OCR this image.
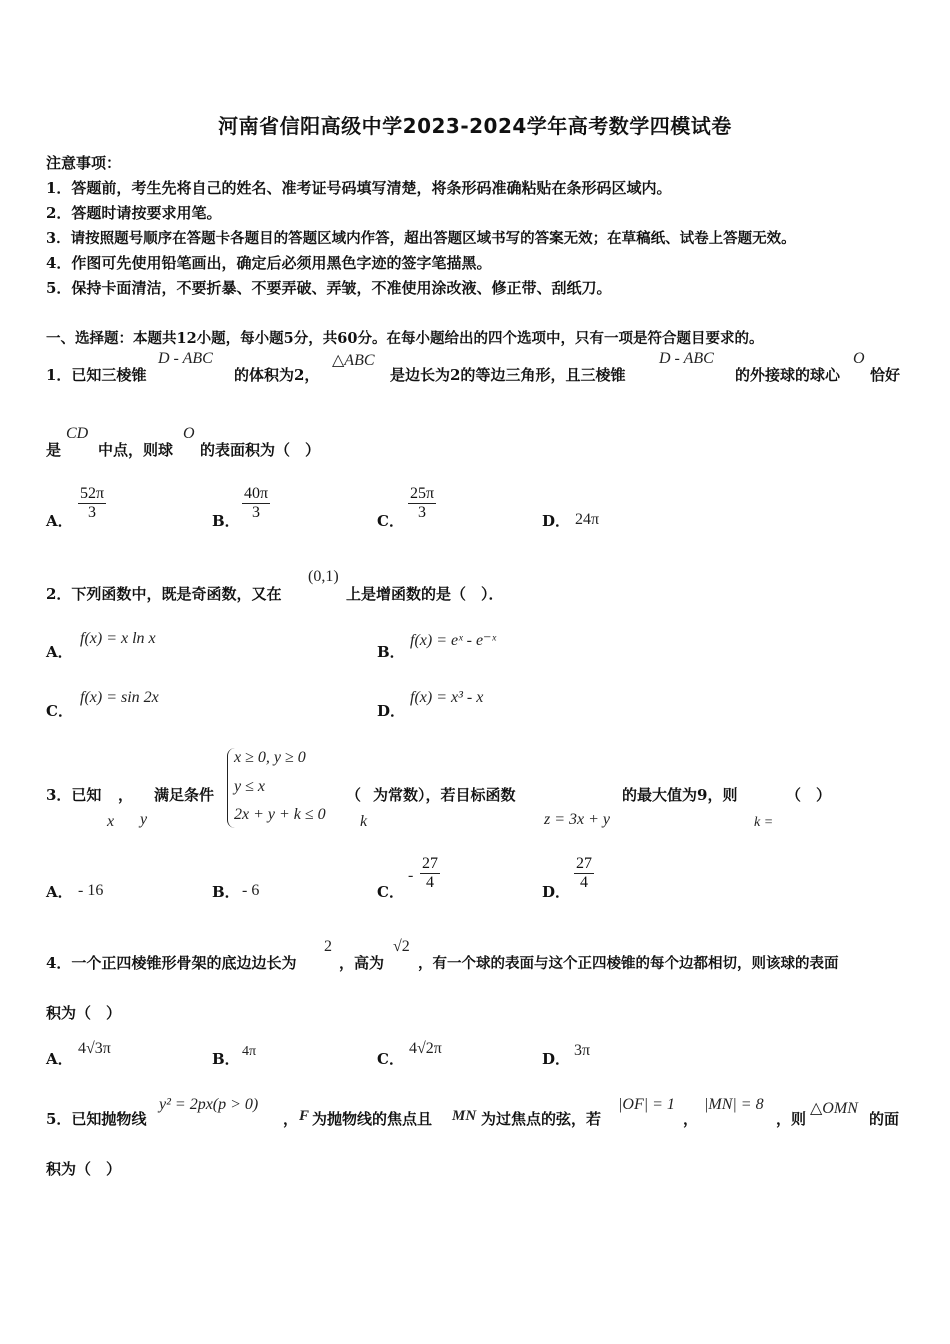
河南省信阳高级中学2023-2024学年高考数学四模试卷
注意事项：
1．答题前，考生先将自己的姓名、准考证号码填写清楚，将条形码准确粘贴在条形码区域内。
2．答题时请按要求用笔。
3．请按照题号顺序在答题卡各题目的答题区域内作答，超出答题区域书写的答案无效；在草稿纸、试卷上答题无效。
4．作图可先使用铅笔画出，确定后必须用黑色字迹的签字笔描黑。
5．保持卡面清洁，不要折暴、不要弄破、弄皱，不准使用涂改液、修正带、刮纸刀。
一、选择题：本题共12小题，每小题5分，共60分。在每小题给出的四个选项中，只有一项是符合题目要求的。
1．已知三棱锥
D - ABC
的体积为2，
△ABC
是边长为2的等边三角形，且三棱锥
D - ABC
的外接球的球心
O
恰好
是
CD
中点，则球
O
的表面积为（　）
A． $\frac{52\pi}{3}$	B． $\frac{40\pi}{3}$	C． $\frac{25\pi}{3}$	D． 24π
2．下列函数中，既是奇函数，又在
(0,1)
上是增函数的是（　）．
A．
f(x) = x ln x
B．
f(x) = eˣ - e⁻ˣ
C．
f(x) = sin 2x
D．
f(x) = x³ - x
3．已知 ， 满足条件
x y
x ≥ 0, y ≥ 0
y ≤ x
2x + y + k ≤ 0
（
k
为常数），若目标函数
z = 3x + y
的最大值为9，则
k =
（　）
A． - 16	B． - 6	C．
- $\frac{27}{4}$	D． $\frac{27}{4}$
4．一个正四棱锥形骨架的底边边长为
2
，高为
√2
，有一个球的表面与这个正四棱锥的每个边都相切，则该球的表面
积为（　）
A．
4√3π
B． 4π	C．
4√2π
D． 3π
5．已知抛物线
y² = 2px(p > 0)
， F 为抛物线的焦点且 MN 为过焦点的弦，若
|OF| = 1
，
|MN| = 8
，则
△OMN
的面
积为（　）
